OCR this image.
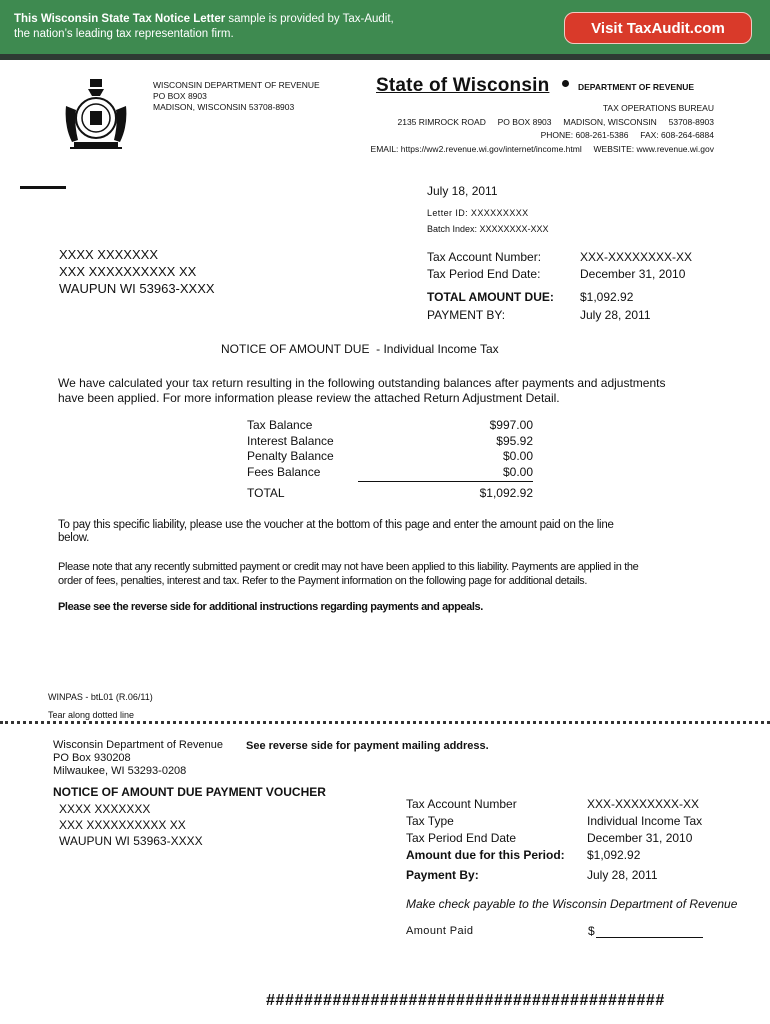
This Wisconsin State Tax Notice Letter sample is provided by Tax-Audit, the nation’s leading tax representation firm.	Visit TaxAudit.com
WISCONSIN DEPARTMENT OF REVENUE
PO BOX 8903
MADISON, WISCONSIN 53708-8903
State of Wisconsin	DEPARTMENT OF REVENUE
TAX OPERATIONS BUREAU
2135 RIMROCK ROAD     PO BOX 8903     MADISON, WISCONSIN     53708-8903
PHONE: 608-261-5386     FAX: 608-264-6884
EMAIL: https://ww2.revenue.wi.gov/internet/income.html     WEBSITE: www.revenue.wi.gov
July 18, 2011
Letter ID: XXXXXXXXX
Batch Index: XXXXXXXX-XXX
XXXX XXXXXXX
XXX XXXXXXXXXX XX
WAUPUN WI 53963-XXXX
Tax Account Number:	XXX-XXXXXXXX-XX
Tax Period End Date:	December 31, 2010
TOTAL AMOUNT DUE: $1,092.92
PAYMENT BY:	July 28, 2011
NOTICE OF AMOUNT DUE  - Individual Income Tax
We have calculated your tax return resulting in the following outstanding balances after payments and adjustments
have been applied. For more information please review the attached Return Adjustment Detail.
Tax Balance	$997.00
Interest Balance	$95.92
Penalty Balance	$0.00
Fees Balance	$0.00
TOTAL	$1,092.92
To pay this specific liability, please use the voucher at the bottom of this page and enter the amount paid on the line
below.
Please note that any recently submitted payment or credit may not have been applied to this liability. Payments are applied in the
order of fees, penalties, interest and tax. Refer to the Payment information on the following page for additional details.
Please see the reverse side for additional instructions regarding payments and appeals.
WINPAS - btL01 (R.06/11)
Tear along dotted line
Wisconsin Department of Revenue
PO Box 930208
Milwaukee, WI 53293-0208
See reverse side for payment mailing address.
NOTICE OF AMOUNT DUE PAYMENT VOUCHER
XXXX XXXXXXX
XXX XXXXXXXXXX XX
WAUPUN WI 53963-XXXX
Tax Account Number	XXX-XXXXXXXX-XX
Tax Type	Individual Income Tax
Tax Period End Date	December 31, 2010
Amount due for this Period: $1,092.92
Payment By:	July 28, 2011
Make check payable to the Wisconsin Department of Revenue
Amount Paid	$
##########################################
